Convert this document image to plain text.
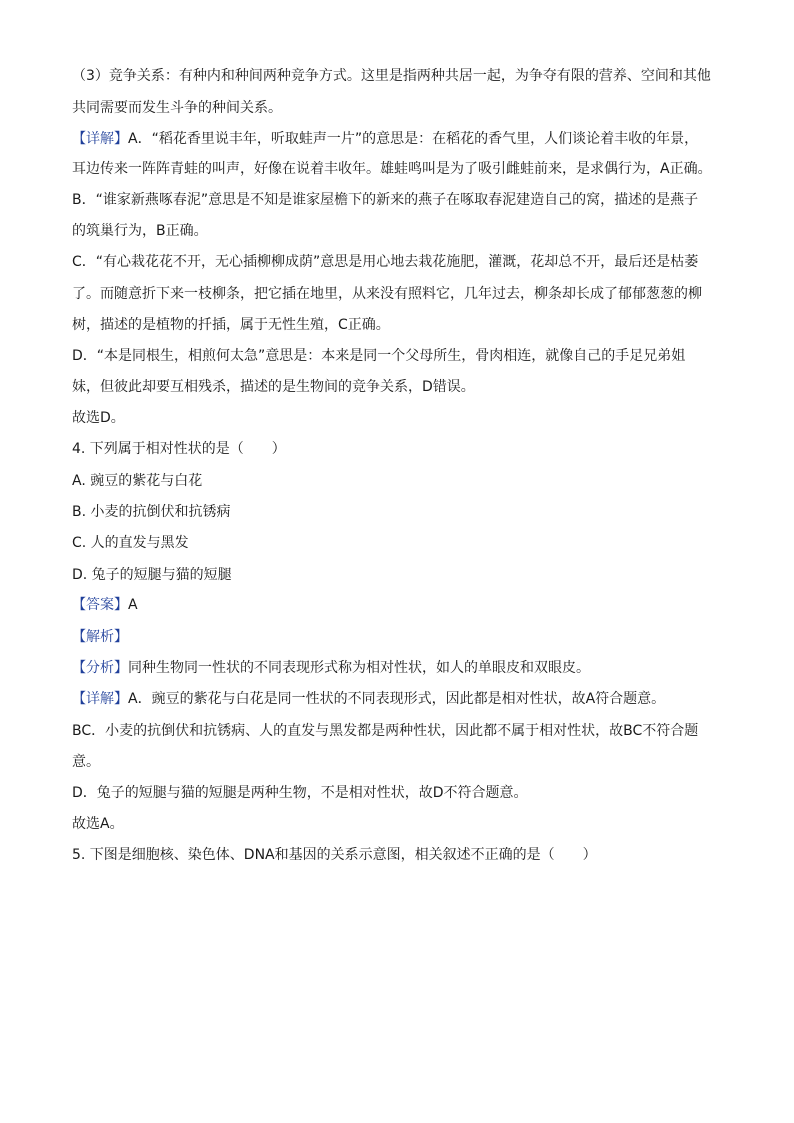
（3）竞争关系：有种内和种间两种竞争方式。这里是指两种共居一起，为争夺有限的营养、空间和其他
共同需要而发生斗争的种间关系。
【详解】A．“稻花香里说丰年，听取蛙声一片”的意思是：在稻花的香气里，人们谈论着丰收的年景，
耳边传来一阵阵青蛙的叫声，好像在说着丰收年。雄蛙鸣叫是为了吸引雌蛙前来，是求偶行为，A正确。
B．“谁家新燕啄春泥”意思是不知是谁家屋檐下的新来的燕子在啄取春泥建造自己的窝，描述的是燕子
的筑巢行为，B正确。
C．“有心栽花花不开，无心插柳柳成荫”意思是用心地去栽花施肥，灌溉，花却总不开，最后还是枯萎
了。而随意折下来一枝柳条，把它插在地里，从来没有照料它，几年过去，柳条却长成了郁郁葱葱的柳
树，描述的是植物的扦插，属于无性生殖，C正确。
D．“本是同根生，相煎何太急”意思是：本来是同一个父母所生，骨肉相连，就像自己的手足兄弟姐
妹，但彼此却要互相残杀，描述的是生物间的竞争关系，D错误。
故选D。
4. 下列属于相对性状的是（　　）
A. 豌豆的紫花与白花
B. 小麦的抗倒伏和抗锈病
C. 人的直发与黑发
D. 兔子的短腿与猫的短腿
【答案】A
【解析】
【分析】同种生物同一性状的不同表现形式称为相对性状，如人的单眼皮和双眼皮。
【详解】A．豌豆的紫花与白花是同一性状的不同表现形式，因此都是相对性状，故A符合题意。
BC．小麦的抗倒伏和抗锈病、人的直发与黑发都是两种性状，因此都不属于相对性状，故BC不符合题
意。
D．兔子的短腿与猫的短腿是两种生物，不是相对性状，故D不符合题意。
故选A。
5. 下图是细胞核、染色体、DNA和基因的关系示意图，相关叙述不正确的是（　　）
